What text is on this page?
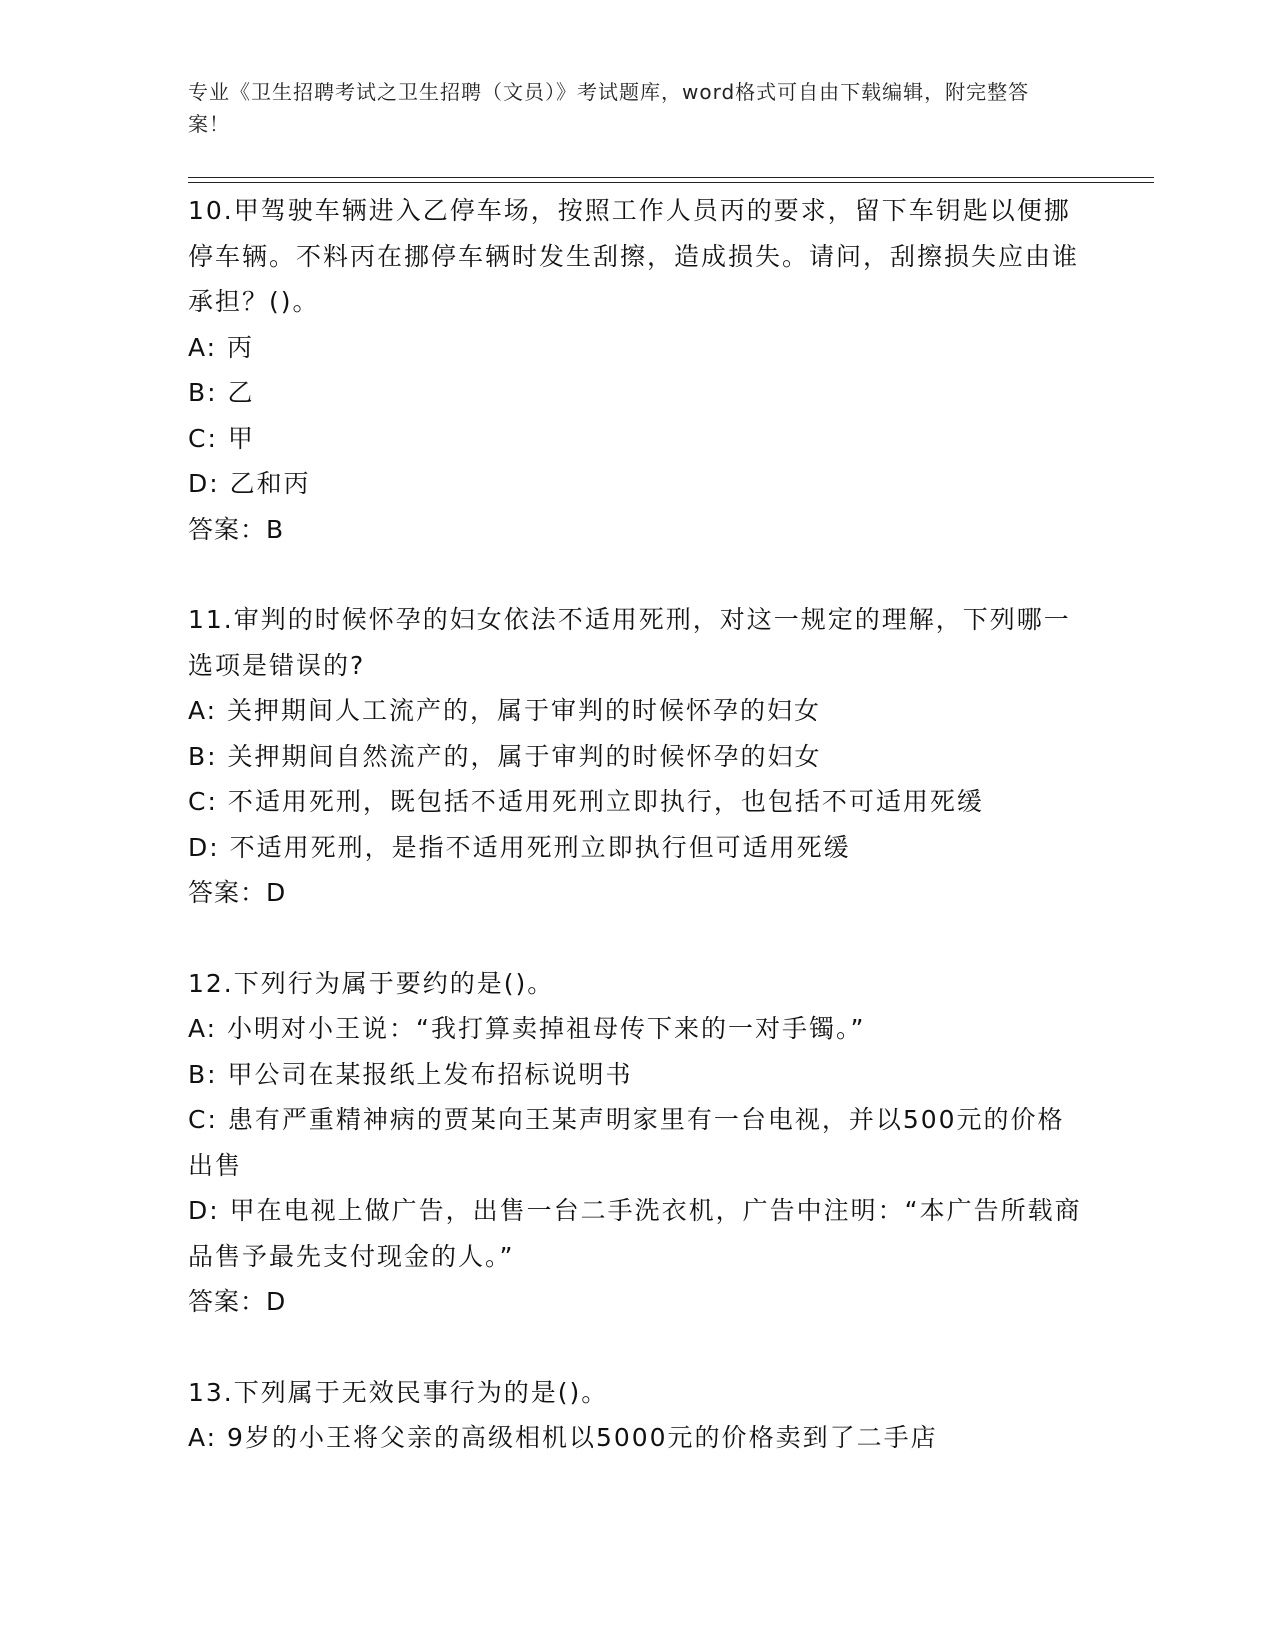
专业《卫生招聘考试之卫生招聘（文员）》考试题库，word格式可自由下载编辑，附完整答案！
10.甲驾驶车辆进入乙停车场，按照工作人员丙的要求，留下车钥匙以便挪停车辆。不料丙在挪停车辆时发生刮擦，造成损失。请问，刮擦损失应由谁承担？()。
A: 丙
B: 乙
C: 甲
D: 乙和丙
答案：B
11.审判的时候怀孕的妇女依法不适用死刑，对这一规定的理解，下列哪一选项是错误的?
A: 关押期间人工流产的，属于审判的时候怀孕的妇女
B: 关押期间自然流产的，属于审判的时候怀孕的妇女
C: 不适用死刑，既包括不适用死刑立即执行，也包括不可适用死缓
D: 不适用死刑，是指不适用死刑立即执行但可适用死缓
答案：D
12.下列行为属于要约的是()。
A: 小明对小王说：“我打算卖掉祖母传下来的一对手镯。”
B: 甲公司在某报纸上发布招标说明书
C: 患有严重精神病的贾某向王某声明家里有一台电视，并以500元的价格出售
D: 甲在电视上做广告，出售一台二手洗衣机，广告中注明：“本广告所载商品售予最先支付现金的人。”
答案：D
13.下列属于无效民事行为的是()。
A: 9岁的小王将父亲的高级相机以5000元的价格卖到了二手店
